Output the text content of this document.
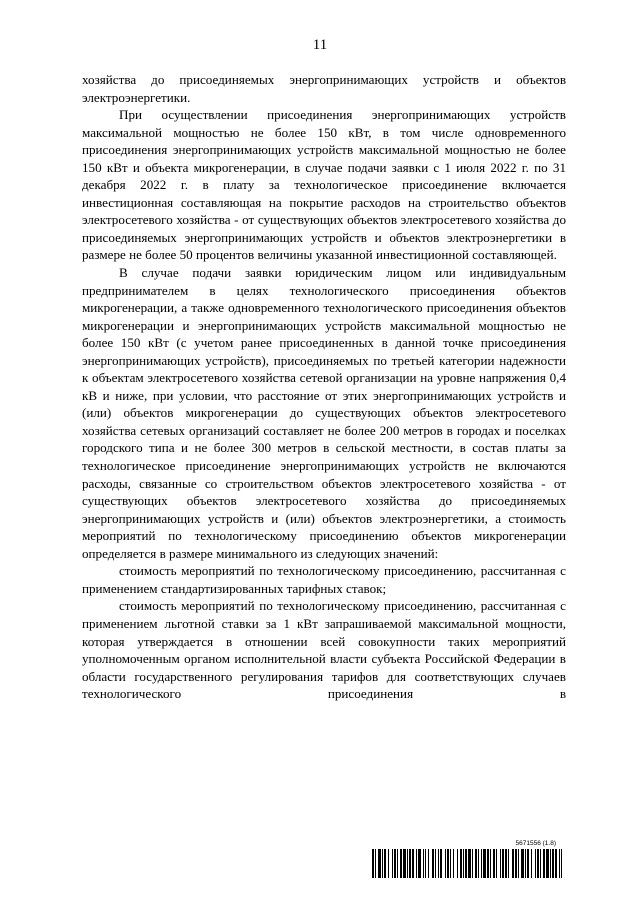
11

хозяйства до присоединяемых энергопринимающих устройств и объектов электроэнергетики.

При осуществлении присоединения энергопринимающих устройств максимальной мощностью не более 150 кВт, в том числе одновременного присоединения энергопринимающих устройств максимальной мощностью не более 150 кВт и объекта микрогенерации, в случае подачи заявки с 1 июля 2022 г. по 31 декабря 2022 г. в плату за технологическое присоединение включается инвестиционная составляющая на покрытие расходов на строительство объектов электросетевого хозяйства - от существующих объектов электросетевого хозяйства до присоединяемых энергопринимающих устройств и объектов электроэнергетики в размере не более 50 процентов величины указанной инвестиционной составляющей.

В случае подачи заявки юридическим лицом или индивидуальным предпринимателем в целях технологического присоединения объектов микрогенерации, а также одновременного технологического присоединения объектов микрогенерации и энергопринимающих устройств максимальной мощностью не более 150 кВт (с учетом ранее присоединенных в данной точке присоединения энергопринимающих устройств), присоединяемых по третьей категории надежности к объектам электросетевого хозяйства сетевой организации на уровне напряжения 0,4 кВ и ниже, при условии, что расстояние от этих энергопринимающих устройств и (или) объектов микрогенерации до существующих объектов электросетевого хозяйства сетевых организаций составляет не более 200 метров в городах и поселках городского типа и не более 300 метров в сельской местности, в состав платы за технологическое присоединение энергопринимающих устройств не включаются расходы, связанные со строительством объектов электросетевого хозяйства - от существующих объектов электросетевого хозяйства до присоединяемых энергопринимающих устройств и (или) объектов электроэнергетики, а стоимость мероприятий по технологическому присоединению объектов микрогенерации определяется в размере минимального из следующих значений:

стоимость мероприятий по технологическому присоединению, рассчитанная с применением стандартизированных тарифных ставок;

стоимость мероприятий по технологическому присоединению, рассчитанная с применением льготной ставки за 1 кВт запрашиваемой максимальной мощности, которая утверждается в отношении всей совокупности таких мероприятий уполномоченным органом исполнительной власти субъекта Российской Федерации в области государственного регулирования тарифов для соответствующих случаев технологического присоединения в

5671556 (1.8)
